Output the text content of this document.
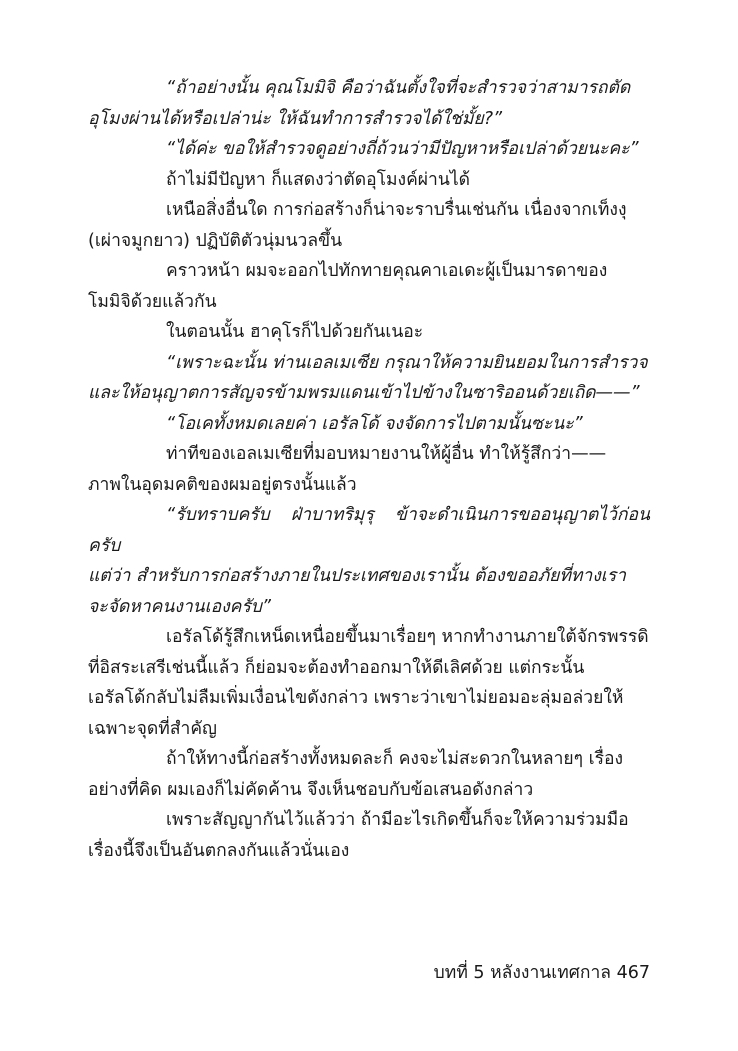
“ถ้าอย่างนั้น คุณโมมิจิ คือว่าฉันตั้งใจที่จะสำรวจว่าสามารถตัด
อุโมงผ่านได้หรือเปล่าน่ะ ให้ฉันทำการสำรวจได้ใช่มั้ย?”

“ได้ค่ะ ขอให้สำรวจดูอย่างถี่ถ้วนว่ามีปัญหาหรือเปล่าด้วยนะคะ”

ถ้าไม่มีปัญหา ก็แสดงว่าตัดอุโมงค์ผ่านได้

เหนือสิ่งอื่นใด การก่อสร้างก็น่าจะราบรื่นเช่นกัน เนื่องจากเท็งงุ
(เผ่าจมูกยาว) ปฏิบัติตัวนุ่มนวลขึ้น

คราวหน้า ผมจะออกไปทักทายคุณคาเอเดะผู้เป็นมารดาของ
โมมิจิด้วยแล้วกัน

ในตอนนั้น ฮาคุโรก็ไปด้วยกันเนอะ

“เพราะฉะนั้น ท่านเอลเมเซีย กรุณาให้ความยินยอมในการสำรวจ
และให้อนุญาตการสัญจรข้ามพรมแดนเข้าไปข้างในซาริออนด้วยเถิด——”

“โอเคทั้งหมดเลยค่า เอรัลโด้ จงจัดการไปตามนั้นซะนะ”

ท่าทีของเอลเมเซียที่มอบหมายงานให้ผู้อื่น ทำให้รู้สึกว่า——
ภาพในอุดมคติของผมอยู่ตรงนั้นแล้ว

“รับทราบครับ ฝ่าบาทริมุรุ ข้าจะดำเนินการขออนุญาตไว้ก่อนครับ
แต่ว่า สำหรับการก่อสร้างภายในประเทศของเรานั้น ต้องขออภัยที่ทางเรา
จะจัดหาคนงานเองครับ”

เอรัลโด้รู้สึกเหน็ดเหนื่อยขึ้นมาเรื่อยๆ หากทำงานภายใต้จักรพรรดิ
ที่อิสระเสรีเช่นนี้แล้ว ก็ย่อมจะต้องทำออกมาให้ดีเลิศด้วย แต่กระนั้น
เอรัลโด้กลับไม่ลืมเพิ่มเงื่อนไขดังกล่าว เพราะว่าเขาไม่ยอมอะลุ่มอล่วยให้
เฉพาะจุดที่สำคัญ

ถ้าให้ทางนี้ก่อสร้างทั้งหมดละก็ คงจะไม่สะดวกในหลายๆ เรื่อง
อย่างที่คิด ผมเองก็ไม่คัดค้าน จึงเห็นชอบกับข้อเสนอดังกล่าว

เพราะสัญญากันไว้แล้วว่า ถ้ามีอะไรเกิดขึ้นก็จะให้ความร่วมมือ
เรื่องนี้จึงเป็นอันตกลงกันแล้วนั่นเอง

บทที่ 5 หลังงานเทศกาล 467
